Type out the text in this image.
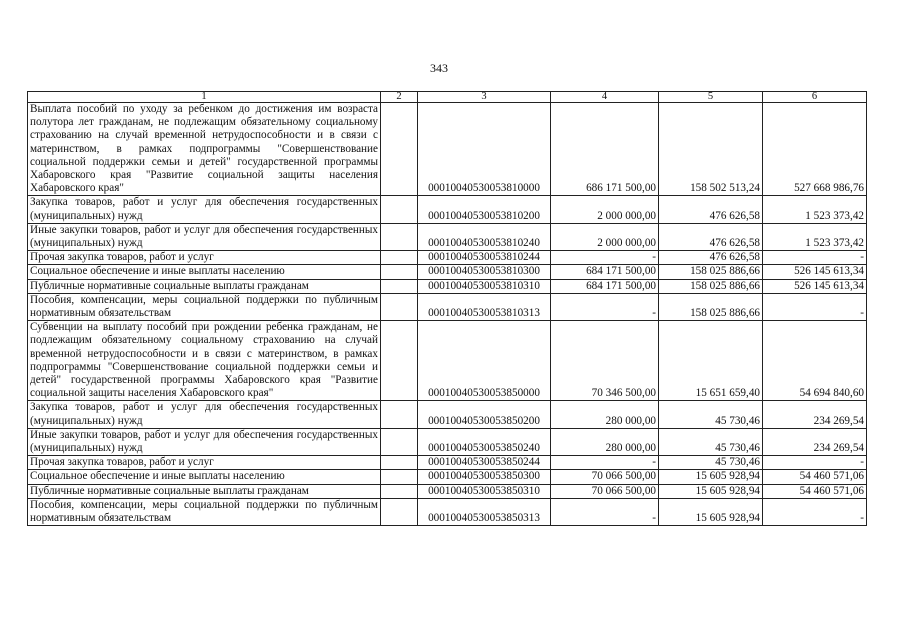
343
1	2	3	4	5	6
Выплата пособий по уходу за ребенком до достижения им возраста полутора лет гражданам, не подлежащим обязательному социальному страхованию на случай временной нетрудоспособности и в связи с материнством, в рамках подпрограммы "Совершенствование социальной поддержки семьи и детей" государственной программы Хабаровского края "Развитие социальной защиты населения Хабаровского края"		00010040530053810000	686 171 500,00	158 502 513,24	527 668 986,76
Закупка товаров, работ и услуг для обеспечения государственных (муниципальных) нужд		00010040530053810200	2 000 000,00	476 626,58	1 523 373,42
Иные закупки товаров, работ и услуг для обеспечения государственных (муниципальных) нужд		00010040530053810240	2 000 000,00	476 626,58	1 523 373,42
Прочая закупка товаров, работ и услуг		00010040530053810244	-	476 626,58	-
Социальное обеспечение и иные выплаты населению		00010040530053810300	684 171 500,00	158 025 886,66	526 145 613,34
Публичные нормативные социальные выплаты гражданам		00010040530053810310	684 171 500,00	158 025 886,66	526 145 613,34
Пособия, компенсации, меры социальной поддержки по публичным нормативным обязательствам		00010040530053810313	-	158 025 886,66	-
Субвенции на выплату пособий при рождении ребенка гражданам, не подлежащим обязательному социальному страхованию на случай временной нетрудоспособности и в связи с материнством, в рамках подпрограммы "Совершенствование социальной поддержки семьи и детей" государственной программы Хабаровского края "Развитие социальной защиты населения Хабаровского края"		00010040530053850000	70 346 500,00	15 651 659,40	54 694 840,60
Закупка товаров, работ и услуг для обеспечения государственных (муниципальных) нужд		00010040530053850200	280 000,00	45 730,46	234 269,54
Иные закупки товаров, работ и услуг для обеспечения государственных (муниципальных) нужд		00010040530053850240	280 000,00	45 730,46	234 269,54
Прочая закупка товаров, работ и услуг		00010040530053850244	-	45 730,46	-
Социальное обеспечение и иные выплаты населению		00010040530053850300	70 066 500,00	15 605 928,94	54 460 571,06
Публичные нормативные социальные выплаты гражданам		00010040530053850310	70 066 500,00	15 605 928,94	54 460 571,06
Пособия, компенсации, меры социальной поддержки по публичным нормативным обязательствам		00010040530053850313	-	15 605 928,94	-
